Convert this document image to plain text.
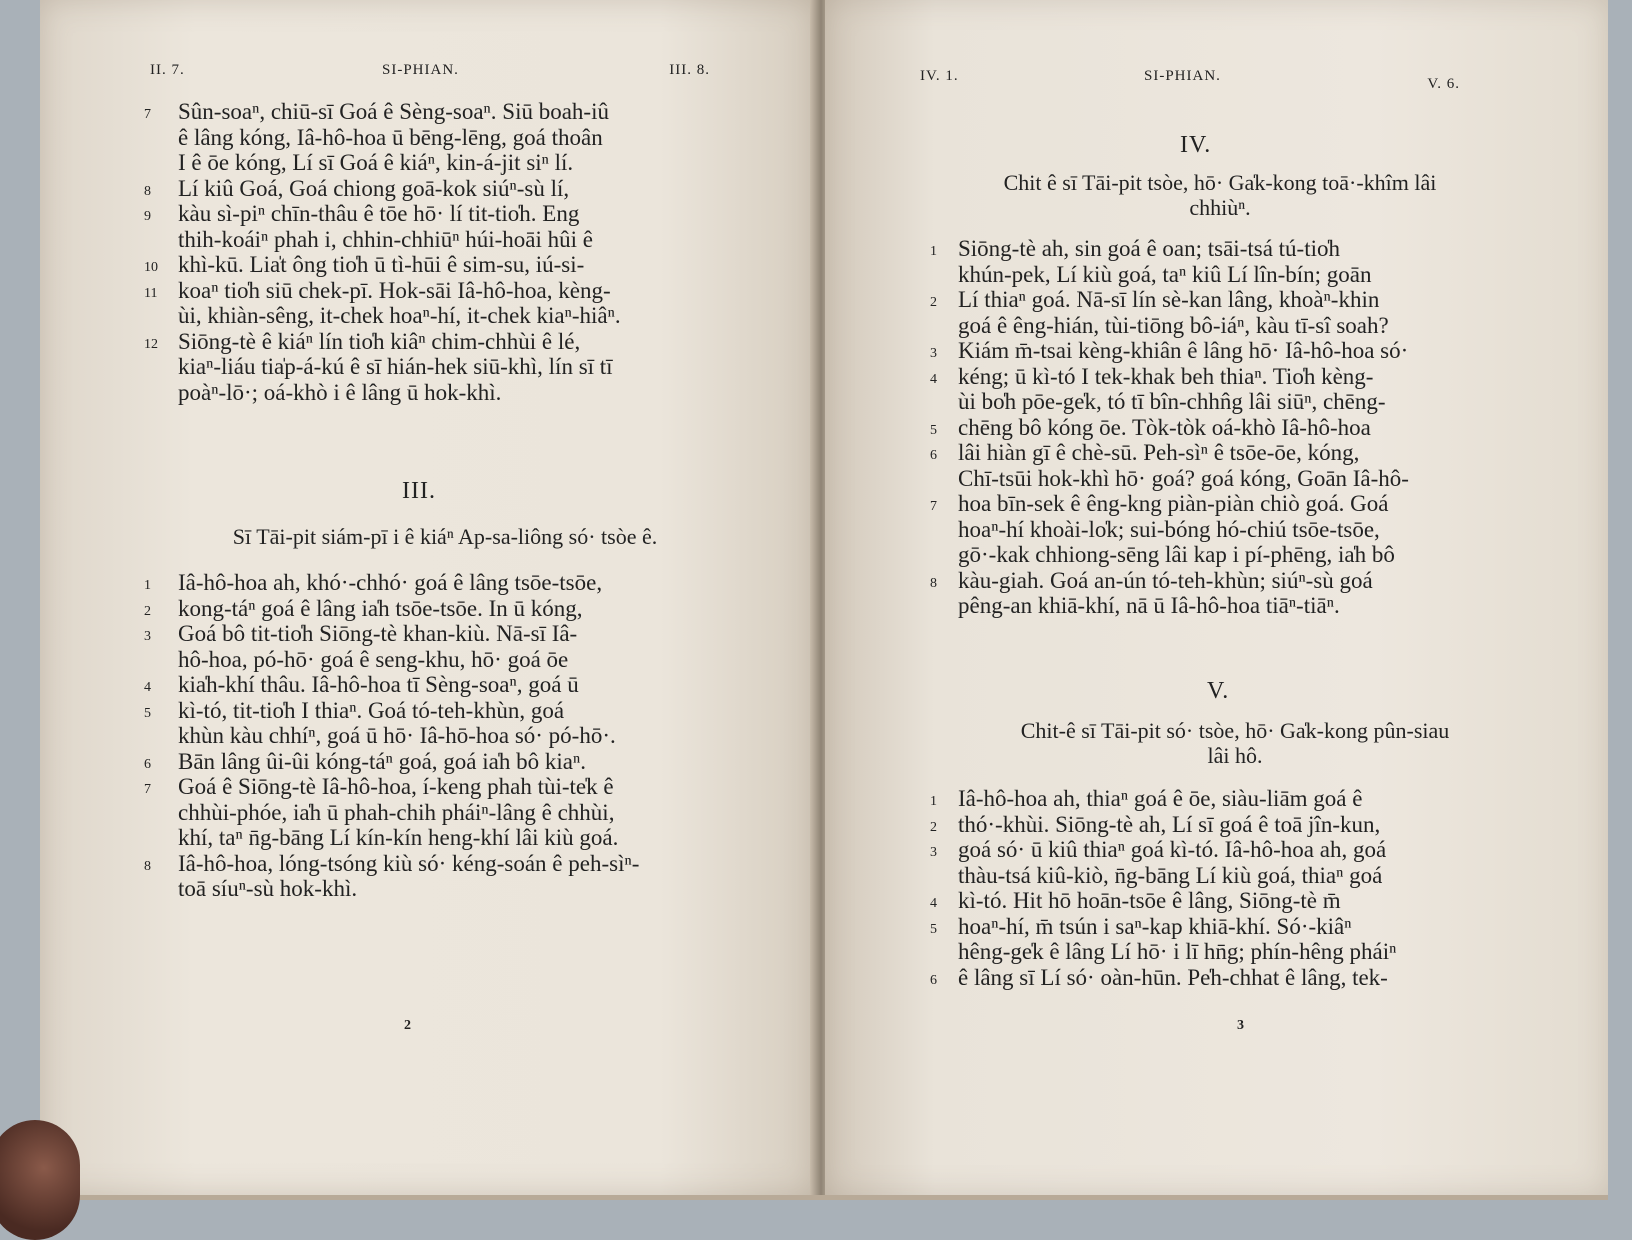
II. 7.	SI-PHIAN.	III. 8.
7 Sûn-soaⁿ, chiū-sī Goá ê Sèng-soaⁿ. Siū boah-iû
ê lâng kóng, Iâ-hô-hoa ū bēng-lēng, goá thoân
I ê ōe kóng, Lí sī Goá ê kiáⁿ, kin-á-jit siⁿ lí.
8 Lí kiû Goá, Goá chiong goā-kok siúⁿ-sù lí,
9 kàu sì-piⁿ chīn-thâu ê tōe hō· lí tit-tio̍h. Eng
thih-koáiⁿ phah i, chhin-chhiūⁿ húi-hoāi hûi ê
10 khì-kū. Lia̍t ông tio̍h ū tì-hūi ê sim-su, iú-si-
11 koaⁿ tio̍h siū chek-pī. Hok-sāi Iâ-hô-hoa, kèng-
ùi, khiàn-sêng, it-chek hoaⁿ-hí, it-chek kiaⁿ-hiâⁿ.
12 Siōng-tè ê kiáⁿ lín tio̍h kiâⁿ chim-chhùi ê lé,
kiaⁿ-liáu tia̍p-á-kú ê sī hián-hek siū-khì, lín sī tī
poàⁿ-lō·; oá-khò i ê lâng ū hok-khì.
III.
Sī Tāi-pit siám-pī i ê kiáⁿ Ap-sa-liông só· tsòe ê.
1 Iâ-hô-hoa ah, khó·-chhó· goá ê lâng tsōe-tsōe,
2 kong-táⁿ goá ê lâng ia̍h tsōe-tsōe. In ū kóng,
3 Goá bô tit-tio̍h Siōng-tè khan-kiù. Nā-sī Iâ-
hô-hoa, pó-hō· goá ê seng-khu, hō· goá ōe
4 kia̍h-khí thâu. Iâ-hô-hoa tī Sèng-soaⁿ, goá ū
5 kì-tó, tit-tio̍h I thiaⁿ. Goá tó-teh-khùn, goá
khùn kàu chhíⁿ, goá ū hō· Iâ-hō-hoa só· pó-hō·.
6 Bān lâng ûi-ûi kóng-táⁿ goá, goá ia̍h bô kiaⁿ.
7 Goá ê Siōng-tè Iâ-hô-hoa, í-keng phah tùi-te̍k ê
chhùi-phóe, ia̍h ū phah-chih pháiⁿ-lâng ê chhùi,
khí, taⁿ n̄g-bāng Lí kín-kín heng-khí lâi kiù goá.
8 Iâ-hô-hoa, lóng-tsóng kiù só· kéng-soán ê peh-sìⁿ-
toā síuⁿ-sù hok-khì.
2
IV. 1.	SI-PHIAN.	V. 6.
IV.
Chit ê sī Tāi-pit tsòe, hō· Ga̍k-kong toā·-khîm lâi
chhiùⁿ.
1 Siōng-tè ah, sin goá ê oan; tsāi-tsá tú-tio̍h
khún-pek, Lí kiù goá, taⁿ kiû Lí lîn-bín; goān
2 Lí thiaⁿ goá. Nā-sī lín sè-kan lâng, khoàⁿ-khin
goá ê êng-hián, tùi-tiōng bô-iáⁿ, kàu tī-sî soah?
3 Kiám m̄-tsai kèng-khiân ê lâng hō· Iâ-hô-hoa só·
4 kéng; ū kì-tó I tek-khak beh thiaⁿ. Tio̍h kèng-
ùi bo̍h pōe-ge̍k, tó tī bîn-chhn̂g lâi siūⁿ, chēng-
5 chēng bô kóng ōe. Tòk-tòk oá-khò Iâ-hô-hoa
6 lâi hiàn gī ê chè-sū. Peh-sìⁿ ê tsōe-ōe, kóng,
Chī-tsūi hok-khì hō· goá? goá kóng, Goān Iâ-hô-
7 hoa bīn-sek ê êng-kng piàn-piàn chiò goá. Goá
hoaⁿ-hí khoài-lo̍k; sui-bóng hó-chiú tsōe-tsōe,
gō·-kak chhiong-sēng lâi kap i pí-phēng, ia̍h bô
8 kàu-giah. Goá an-ún tó-teh-khùn; siúⁿ-sù goá
pêng-an khiā-khí, nā ū Iâ-hô-hoa tiāⁿ-tiāⁿ.
V.
Chit-ê sī Tāi-pit só· tsòe, hō· Ga̍k-kong pûn-siau
lâi hô.
1 Iâ-hô-hoa ah, thiaⁿ goá ê ōe, siàu-liām goá ê
2 thó·-khùi. Siōng-tè ah, Lí sī goá ê toā jîn-kun,
3 goá só· ū kiû thiaⁿ goá kì-tó. Iâ-hô-hoa ah, goá
thàu-tsá kiû-kiò, n̄g-bāng Lí kiù goá, thiaⁿ goá
4 kì-tó. Hit hō hoān-tsōe ê lâng, Siōng-tè m̄
5 hoaⁿ-hí, m̄ tsún i saⁿ-kap khiā-khí. Só·-kiâⁿ
hêng-ge̍k ê lâng Lí hō· i lī hn̄g; phín-hêng pháiⁿ
6 ê lâng sī Lí só· oàn-hūn. Pe̍h-chhat ê lâng, tek-
3
